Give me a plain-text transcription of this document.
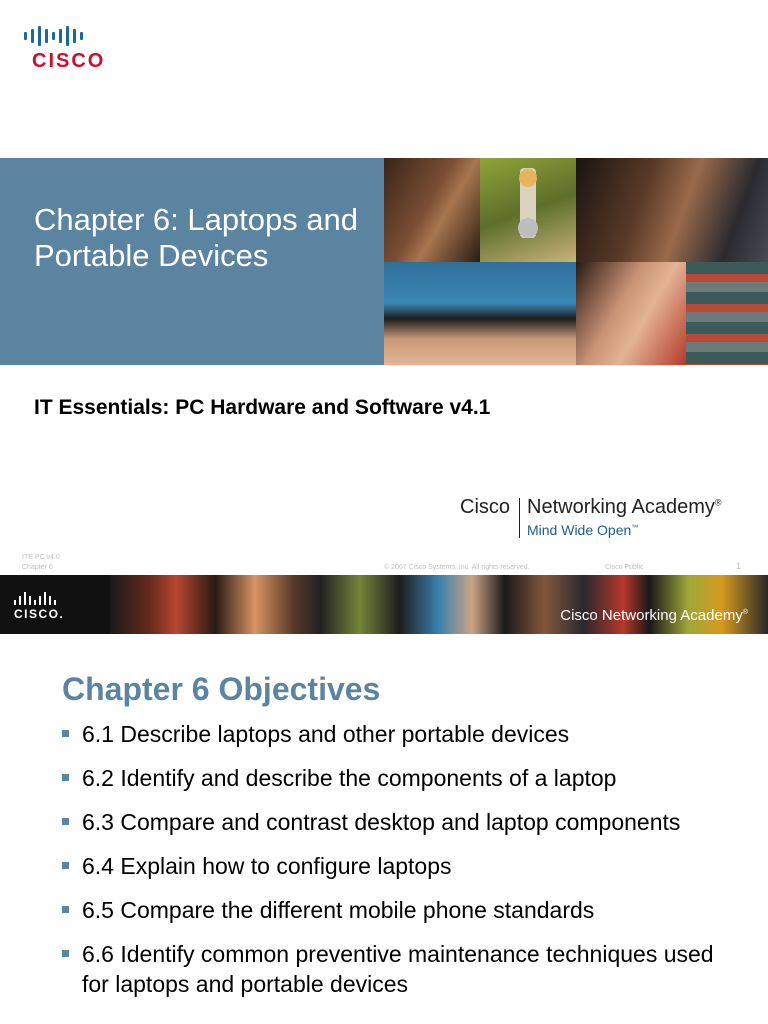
CISCO
Chapter 6: Laptops and Portable Devices
IT Essentials: PC Hardware and Software v4.1
Cisco Networking Academy®
Mind Wide Open™
ITE PC v4.0
Chapter 6	© 2007 Cisco Systems, Inc. All rights reserved.	Cisco Public	1
CISCO.	Cisco Networking Academy®
Chapter 6 Objectives
6.1 Describe laptops and other portable devices
6.2 Identify and describe the components of a laptop
6.3 Compare and contrast desktop and laptop components
6.4 Explain how to configure laptops
6.5 Compare the different mobile phone standards
6.6 Identify common preventive maintenance techniques used for laptops and portable devices
